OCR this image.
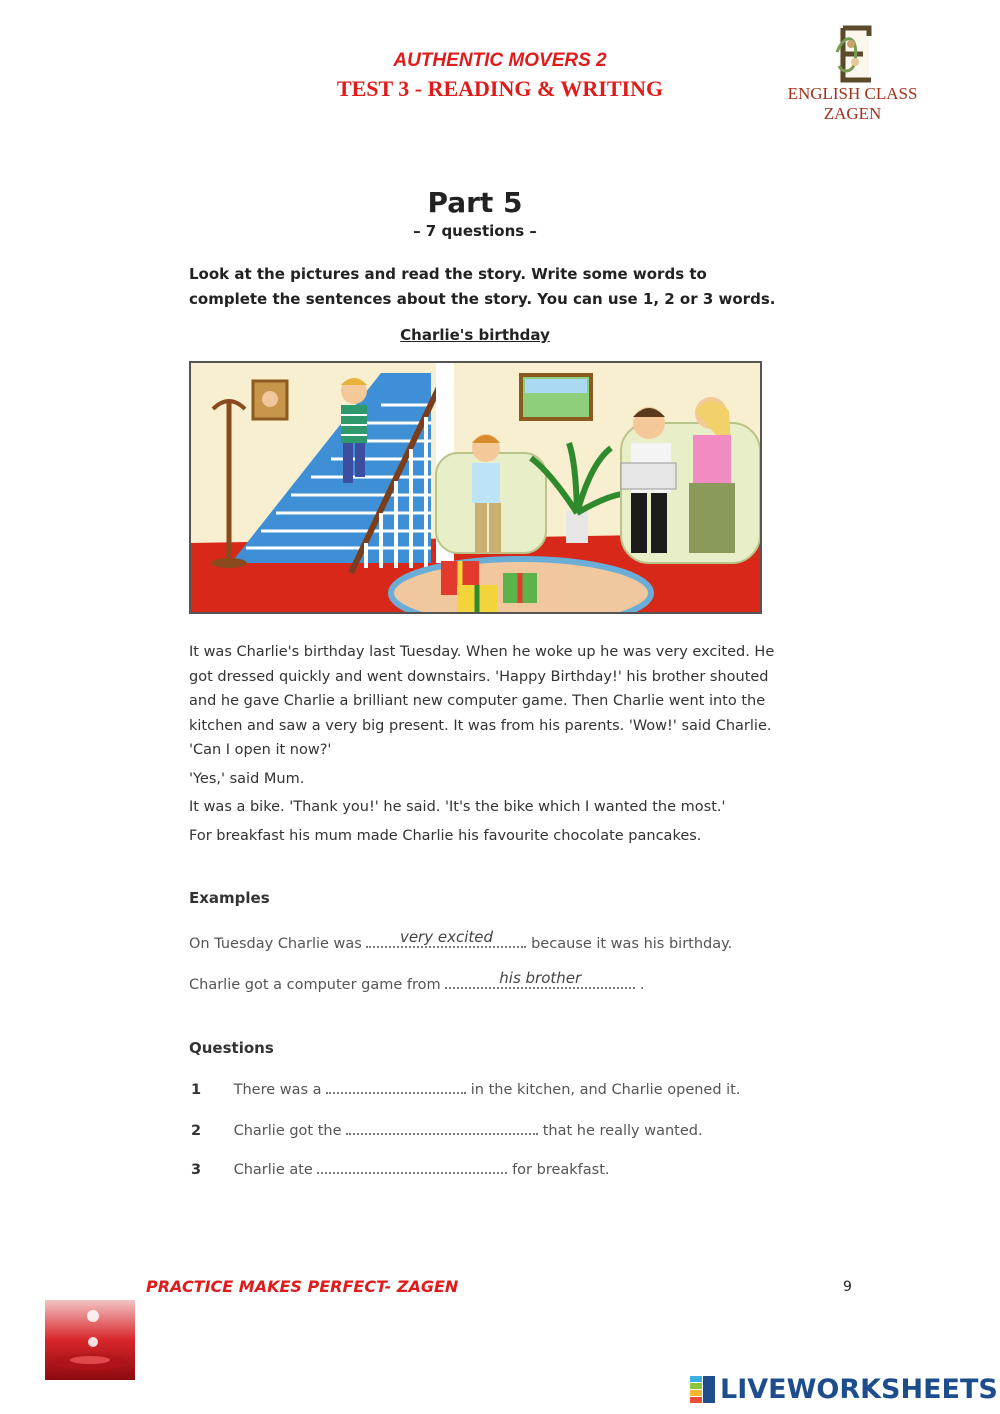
AUTHENTIC MOVERS 2
TEST 3 - READING & WRITING	ENGLISH CLASS ZAGEN
Part 5
– 7 questions –
Look at the pictures and read the story. Write some words to complete the sentences about the story. You can use 1, 2 or 3 words.
Charlie's birthday

It was Charlie's birthday last Tuesday. When he woke up he was very excited. He got dressed quickly and went downstairs. 'Happy Birthday!' his brother shouted and he gave Charlie a brilliant new computer game. Then Charlie went into the kitchen and saw a very big present. It was from his parents. 'Wow!' said Charlie. 'Can I open it now?'

'Yes,' said Mum.

It was a bike. 'Thank you!' he said. 'It's the bike which I wanted the most.'

For breakfast his mum made Charlie his favourite chocolate pancakes.

Examples
On Tuesday Charlie was	very excited	because it was his birthday.
Charlie got a computer game from	his brother	.
Questions
1 There was a	in the kitchen, and Charlie opened it.
2 Charlie got the	that he really wanted.
3 Charlie ate	for breakfast.
PRACTICE MAKES PERFECT- ZAGEN	9
LIVEWORKSHEETS
